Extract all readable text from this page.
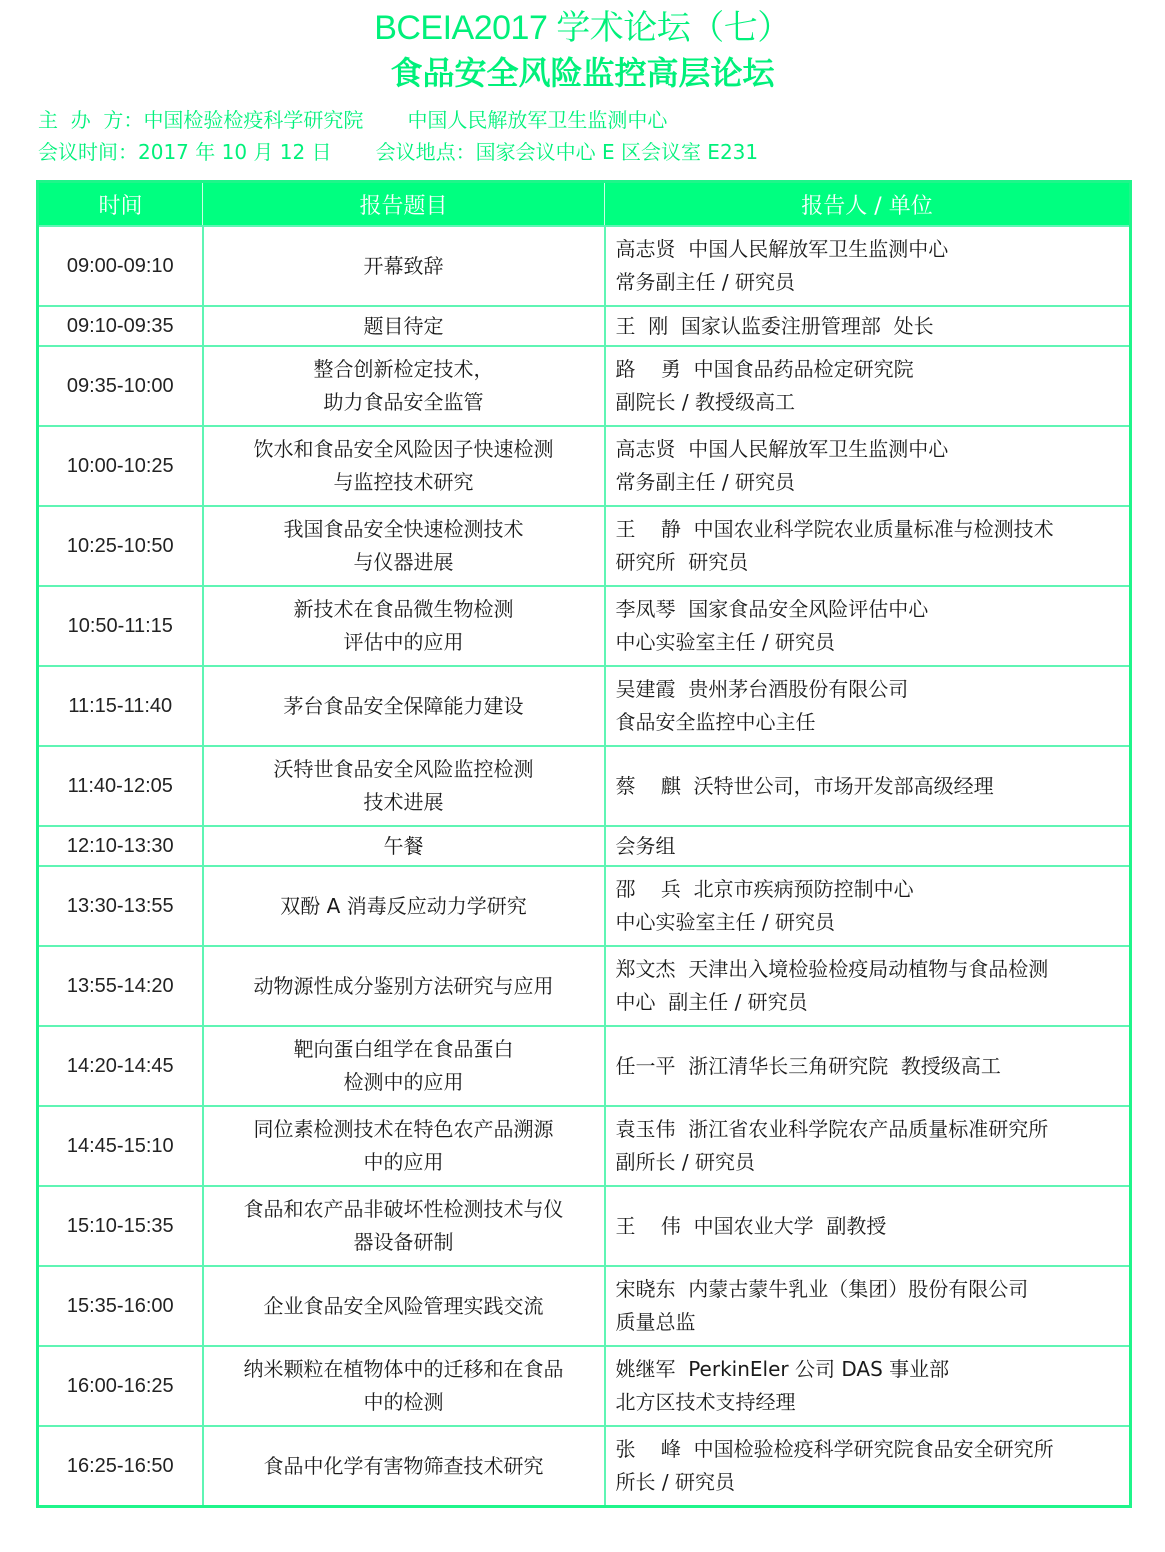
BCEIA2017 学术论坛（七）
食品安全风险监控高层论坛
主  办  方：中国检验检疫科学研究院 中国人民解放军卫生监测中心
会议时间：2017 年 10 月 12 日 会议地点：国家会议中心 E 区会议室 E231
时间	报告题目	报告人 / 单位
09:00-09:10	开幕致辞	高志贤  中国人民解放军卫生监测中心
常务副主任 / 研究员

09:10-09:35	题目待定	王  刚  国家认监委注册管理部  处长

09:35-10:00	整合创新检定技术，
助力食品安全监管	路    勇  中国食品药品检定研究院
副院长 / 教授级高工

10:00-10:25	饮水和食品安全风险因子快速检测
与监控技术研究	高志贤  中国人民解放军卫生监测中心
常务副主任 / 研究员

10:25-10:50	我国食品安全快速检测技术
与仪器进展	王    静  中国农业科学院农业质量标准与检测技术
研究所  研究员

10:50-11:15	新技术在食品微生物检测
评估中的应用	李凤琴  国家食品安全风险评估中心
中心实验室主任 / 研究员

11:15-11:40	茅台食品安全保障能力建设	吴建霞  贵州茅台酒股份有限公司
食品安全监控中心主任

11:40-12:05	沃特世食品安全风险监控检测
技术进展	蔡    麒  沃特世公司，市场开发部高级经理

12:10-13:30	午餐	会务组

13:30-13:55	双酚 A 消毒反应动力学研究	邵    兵  北京市疾病预防控制中心
中心实验室主任 / 研究员

13:55-14:20	动物源性成分鉴别方法研究与应用	郑文杰  天津出入境检验检疫局动植物与食品检测
中心  副主任 / 研究员

14:20-14:45	靶向蛋白组学在食品蛋白
检测中的应用	任一平  浙江清华长三角研究院  教授级高工

14:45-15:10	同位素检测技术在特色农产品溯源
中的应用	袁玉伟  浙江省农业科学院农产品质量标准研究所
副所长 / 研究员

15:10-15:35	食品和农产品非破坏性检测技术与仪
器设备研制	王    伟  中国农业大学  副教授

15:35-16:00	企业食品安全风险管理实践交流	宋晓东  内蒙古蒙牛乳业（集团）股份有限公司
质量总监

16:00-16:25	纳米颗粒在植物体中的迁移和在食品
中的检测	姚继军  PerkinEler 公司 DAS 事业部
北方区技术支持经理

16:25-16:50	食品中化学有害物筛查技术研究	张    峰  中国检验检疫科学研究院食品安全研究所
所长 / 研究员
